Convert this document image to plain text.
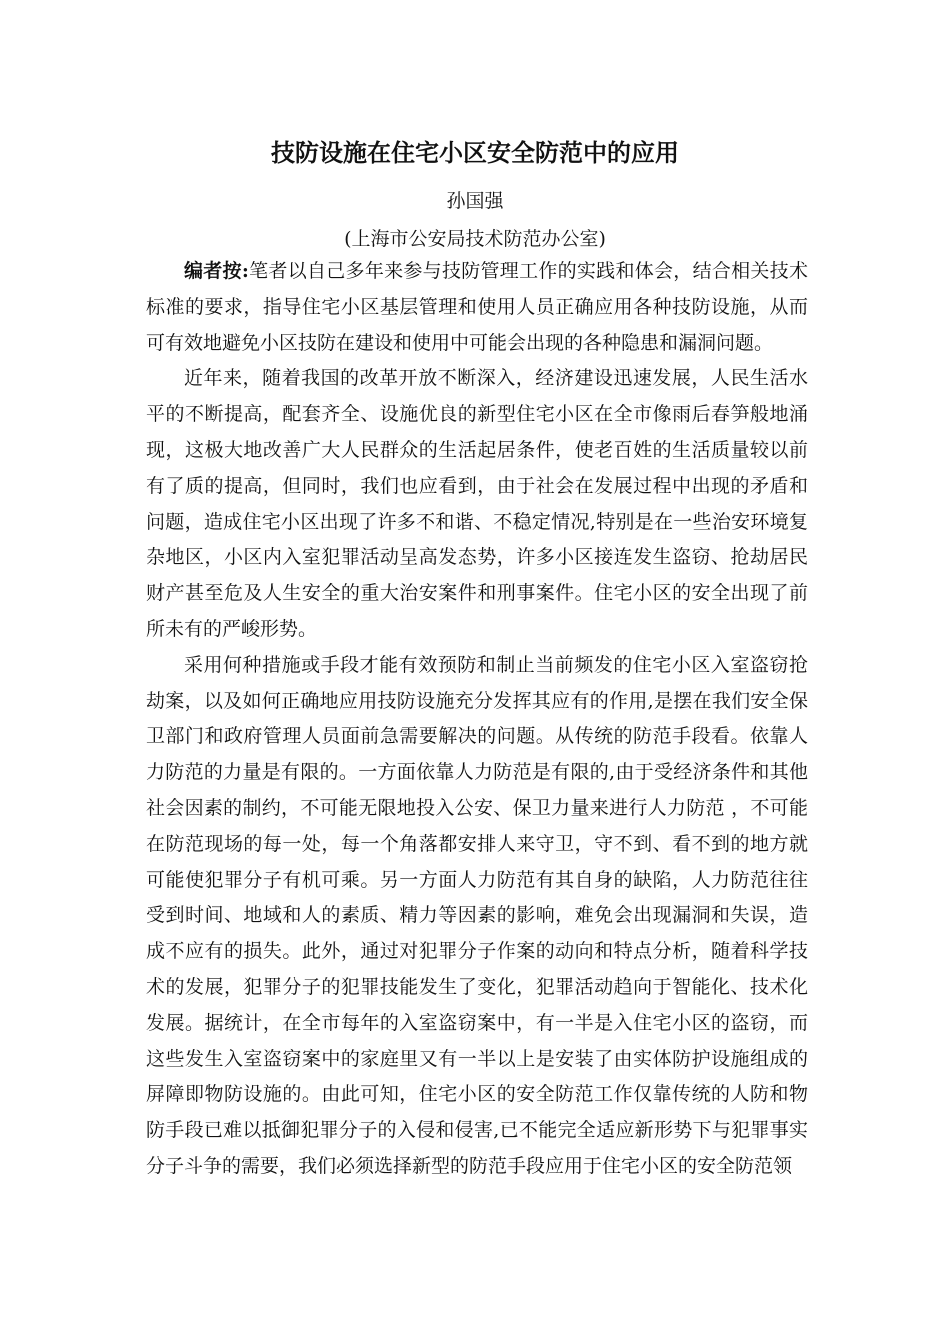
技防设施在住宅小区安全防范中的应用
孙国强
(上海市公安局技术防范办公室)

编者按:笔者以自己多年来参与技防管理工作的实践和体会，结合相关技术标准的要求，指导住宅小区基层管理和使用人员正确应用各种技防设施，从而可有效地避免小区技防在建设和使用中可能会出现的各种隐患和漏洞问题。

近年来，随着我国的改革开放不断深入，经济建设迅速发展，人民生活水平的不断提高，配套齐全、设施优良的新型住宅小区在全市像雨后春笋般地涌现，这极大地改善广大人民群众的生活起居条件，使老百姓的生活质量较以前有了质的提高，但同时，我们也应看到，由于社会在发展过程中出现的矛盾和问题，造成住宅小区出现了许多不和谐、不稳定情况,特别是在一些治安环境复杂地区，小区内入室犯罪活动呈高发态势，许多小区接连发生盗窃、抢劫居民财产甚至危及人生安全的重大治安案件和刑事案件。住宅小区的安全出现了前所未有的严峻形势。

采用何种措施或手段才能有效预防和制止当前频发的住宅小区入室盗窃抢劫案，以及如何正确地应用技防设施充分发挥其应有的作用,是摆在我们安全保卫部门和政府管理人员面前急需要解决的问题。从传统的防范手段看。依靠人力防范的力量是有限的。一方面依靠人力防范是有限的,由于受经济条件和其他社会因素的制约，不可能无限地投入公安、保卫力量来进行人力防范 ，不可能在防范现场的每一处，每一个角落都安排人来守卫，守不到、看不到的地方就可能使犯罪分子有机可乘。另一方面人力防范有其自身的缺陷，人力防范往往受到时间、地域和人的素质、精力等因素的影响，难免会出现漏洞和失误，造成不应有的损失。此外，通过对犯罪分子作案的动向和特点分析，随着科学技术的发展，犯罪分子的犯罪技能发生了变化，犯罪活动趋向于智能化、技术化发展。据统计，在全市每年的入室盗窃案中，有一半是入住宅小区的盗窃，而这些发生入室盗窃案中的家庭里又有一半以上是安装了由实体防护设施组成的屏障即物防设施的。由此可知，住宅小区的安全防范工作仅靠传统的人防和物防手段已难以抵御犯罪分子的入侵和侵害,已不能完全适应新形势下与犯罪事实分子斗争的需要，我们必须选择新型的防范手段应用于住宅小区的安全防范领
